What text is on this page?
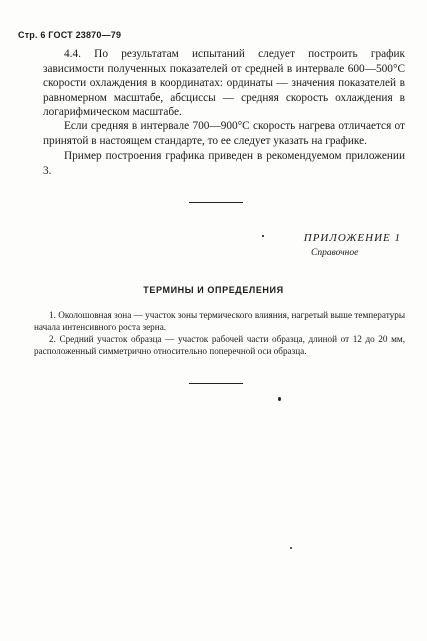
Стр. 6 ГОСТ 23870—79

4.4. По результатам испытаний следует построить график зависимости полученных показателей от средней в интервале 600—500°С скорости охлаждения в координатах: ординаты — значения показателей в равномерном масштабе, абсциссы — средняя скорость охлаждения в логарифмическом масштабе.

Если средняя в интервале 700—900°С скорость нагрева отличается от принятой в настоящем стандарте, то ее следует указать на графике.

Пример построения графика приведен в рекомендуемом приложении 3.

ПРИЛОЖЕНИЕ 1
Справочное
ТЕРМИНЫ И ОПРЕДЕЛЕНИЯ

1. Околошовная зона — участок зоны термического влияния, нагретый выше температуры начала интенсивного роста зерна.

2. Средний участок образца — участок рабочей части образца, длиной от 12 до 20 мм, расположенный симметрично относительно поперечной оси образца.
